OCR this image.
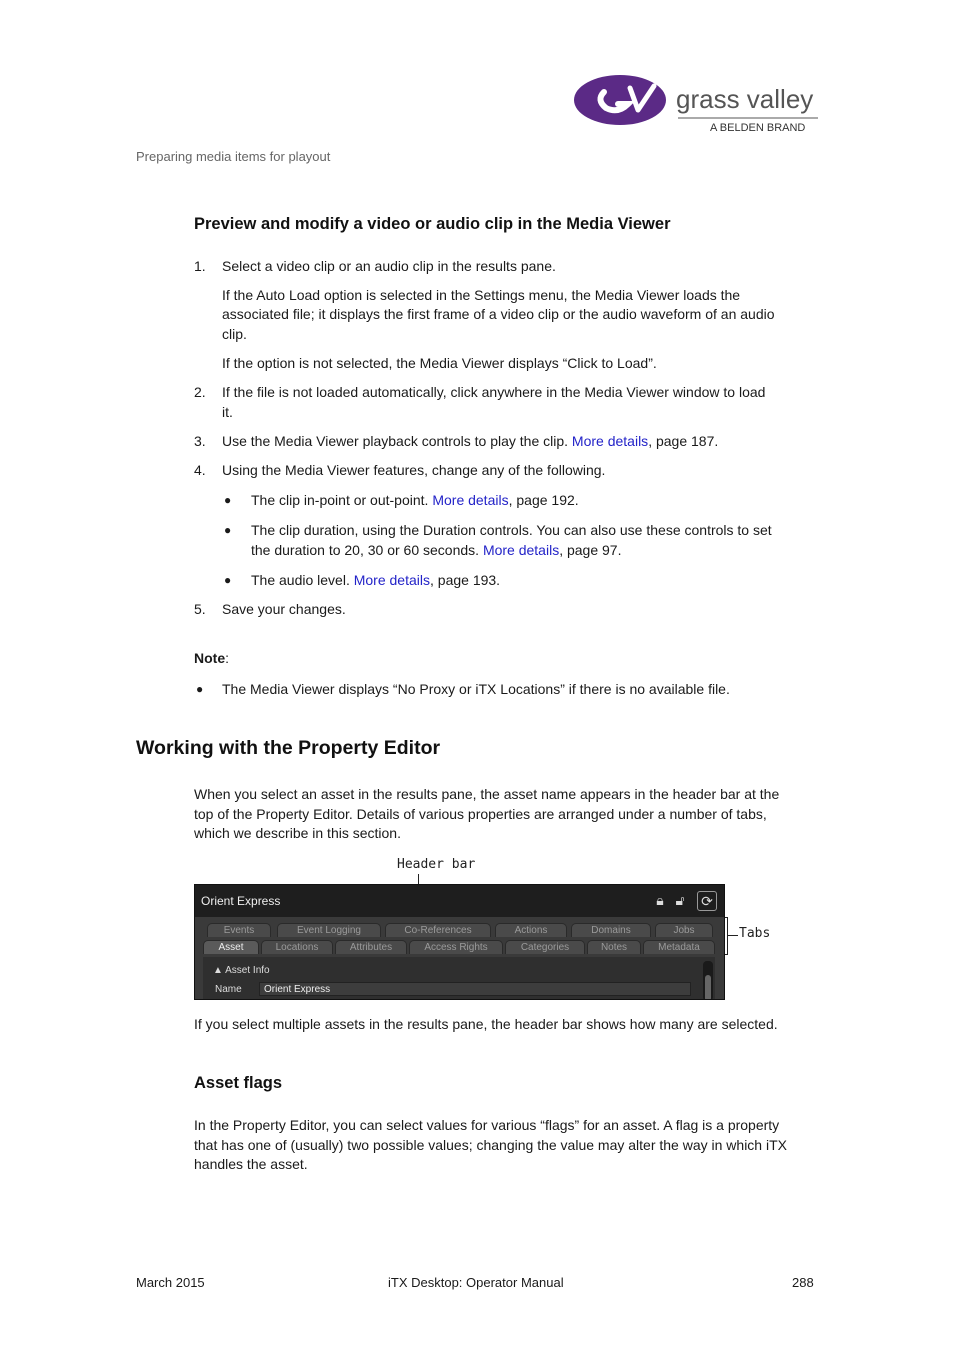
grass valley
A BELDEN BRAND
Preparing media items for playout
Preview and modify a video or audio clip in the Media Viewer
1.	Select a video clip or an audio clip in the results pane.
If the Auto Load option is selected in the Settings menu, the Media Viewer loads the
associated file; it displays the first frame of a video clip or the audio waveform of an audio
clip.
If the option is not selected, the Media Viewer displays “Click to Load”.
2.	If the file is not loaded automatically, click anywhere in the Media Viewer window to load
it.
3.	Use the Media Viewer playback controls to play the clip. More details, page 187.
4.	Using the Media Viewer features, change any of the following.
● The clip in-point or out-point. More details, page 192.
● The clip duration, using the Duration controls. You can also use these controls to set
the duration to 20, 30 or 60 seconds. More details, page 97.
● The audio level. More details, page 193.
5.	Save your changes.
Note:
● The Media Viewer displays “No Proxy or iTX Locations” if there is no available file.
Working with the Property Editor
When you select an asset in the results pane, the asset name appears in the header bar at the
top of the Property Editor. Details of various properties are arranged under a number of tabs,
which we describe in this section.
Header bar
Tabs
Orient Express	🔒︎ 🔓︎	⟳
Events	Event Logging	Co-References	Actions	Domains	Jobs
Asset	Locations	Attributes	Access Rights	Categories	Notes	Metadata
▲ Asset Info
Name	Orient Express
If you select multiple assets in the results pane, the header bar shows how many are selected.
Asset flags
In the Property Editor, you can select values for various “flags” for an asset. A flag is a property
that has one of (usually) two possible values; changing the value may alter the way in which iTX
handles the asset.
March 2015	iTX Desktop: Operator Manual	288
